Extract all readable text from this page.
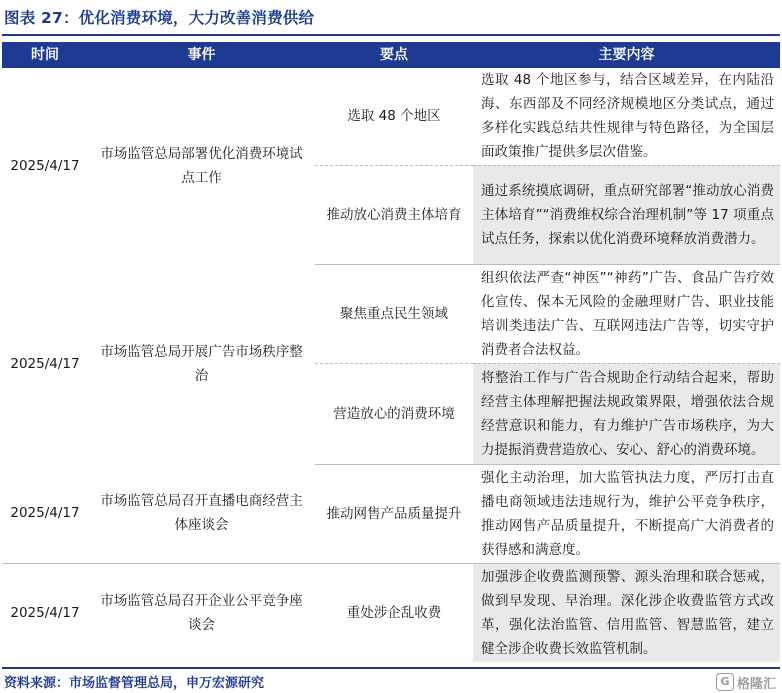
图表 27：优化消费环境，大力改善消费供给
时间	事件	要点	主要内容
2025/4/17	市场监管总局部署优化消费环境试点工作	选取 48 个地区	选取 48 个地区参与，结合区域差异，在内陆沿海、东西部及不同经济规模地区分类试点，通过多样化实践总结共性规律与特色路径，为全国层面政策推广提供多层次借鉴。
		推动放心消费主体培育	通过系统摸底调研，重点研究部署“推动放心消费主体培育”“消费维权综合治理机制”等 17 项重点试点任务，探索以优化消费环境释放消费潜力。
2025/4/17	市场监管总局开展广告市场秩序整治	聚焦重点民生领域	组织依法严查“神医”“神药”广告、食品广告疗效化宣传、保本无风险的金融理财广告、职业技能培训类违法广告、互联网违法广告等，切实守护消费者合法权益。
		营造放心的消费环境	将整治工作与广告合规助企行动结合起来，帮助经营主体理解把握法规政策界限，增强依法合规经营意识和能力，有力维护广告市场秩序，为大力提振消费营造放心、安心、舒心的消费环境。
2025/4/17	市场监管总局召开直播电商经营主体座谈会	推动网售产品质量提升	强化主动治理，加大监管执法力度，严厉打击直播电商领域违法违规行为，维护公平竞争秩序，推动网售产品质量提升，不断提高广大消费者的获得感和满意度。
2025/4/17	市场监管总局召开企业公平竞争座谈会	重处涉企乱收费	加强涉企收费监测预警、源头治理和联合惩戒，做到早发现、早治理。深化涉企收费监管方式改革，强化法治监管、信用监管、智慧监管，建立健全涉企收费长效监管机制。
资料来源：市场监督管理总局，申万宏源研究	G 格隆汇
